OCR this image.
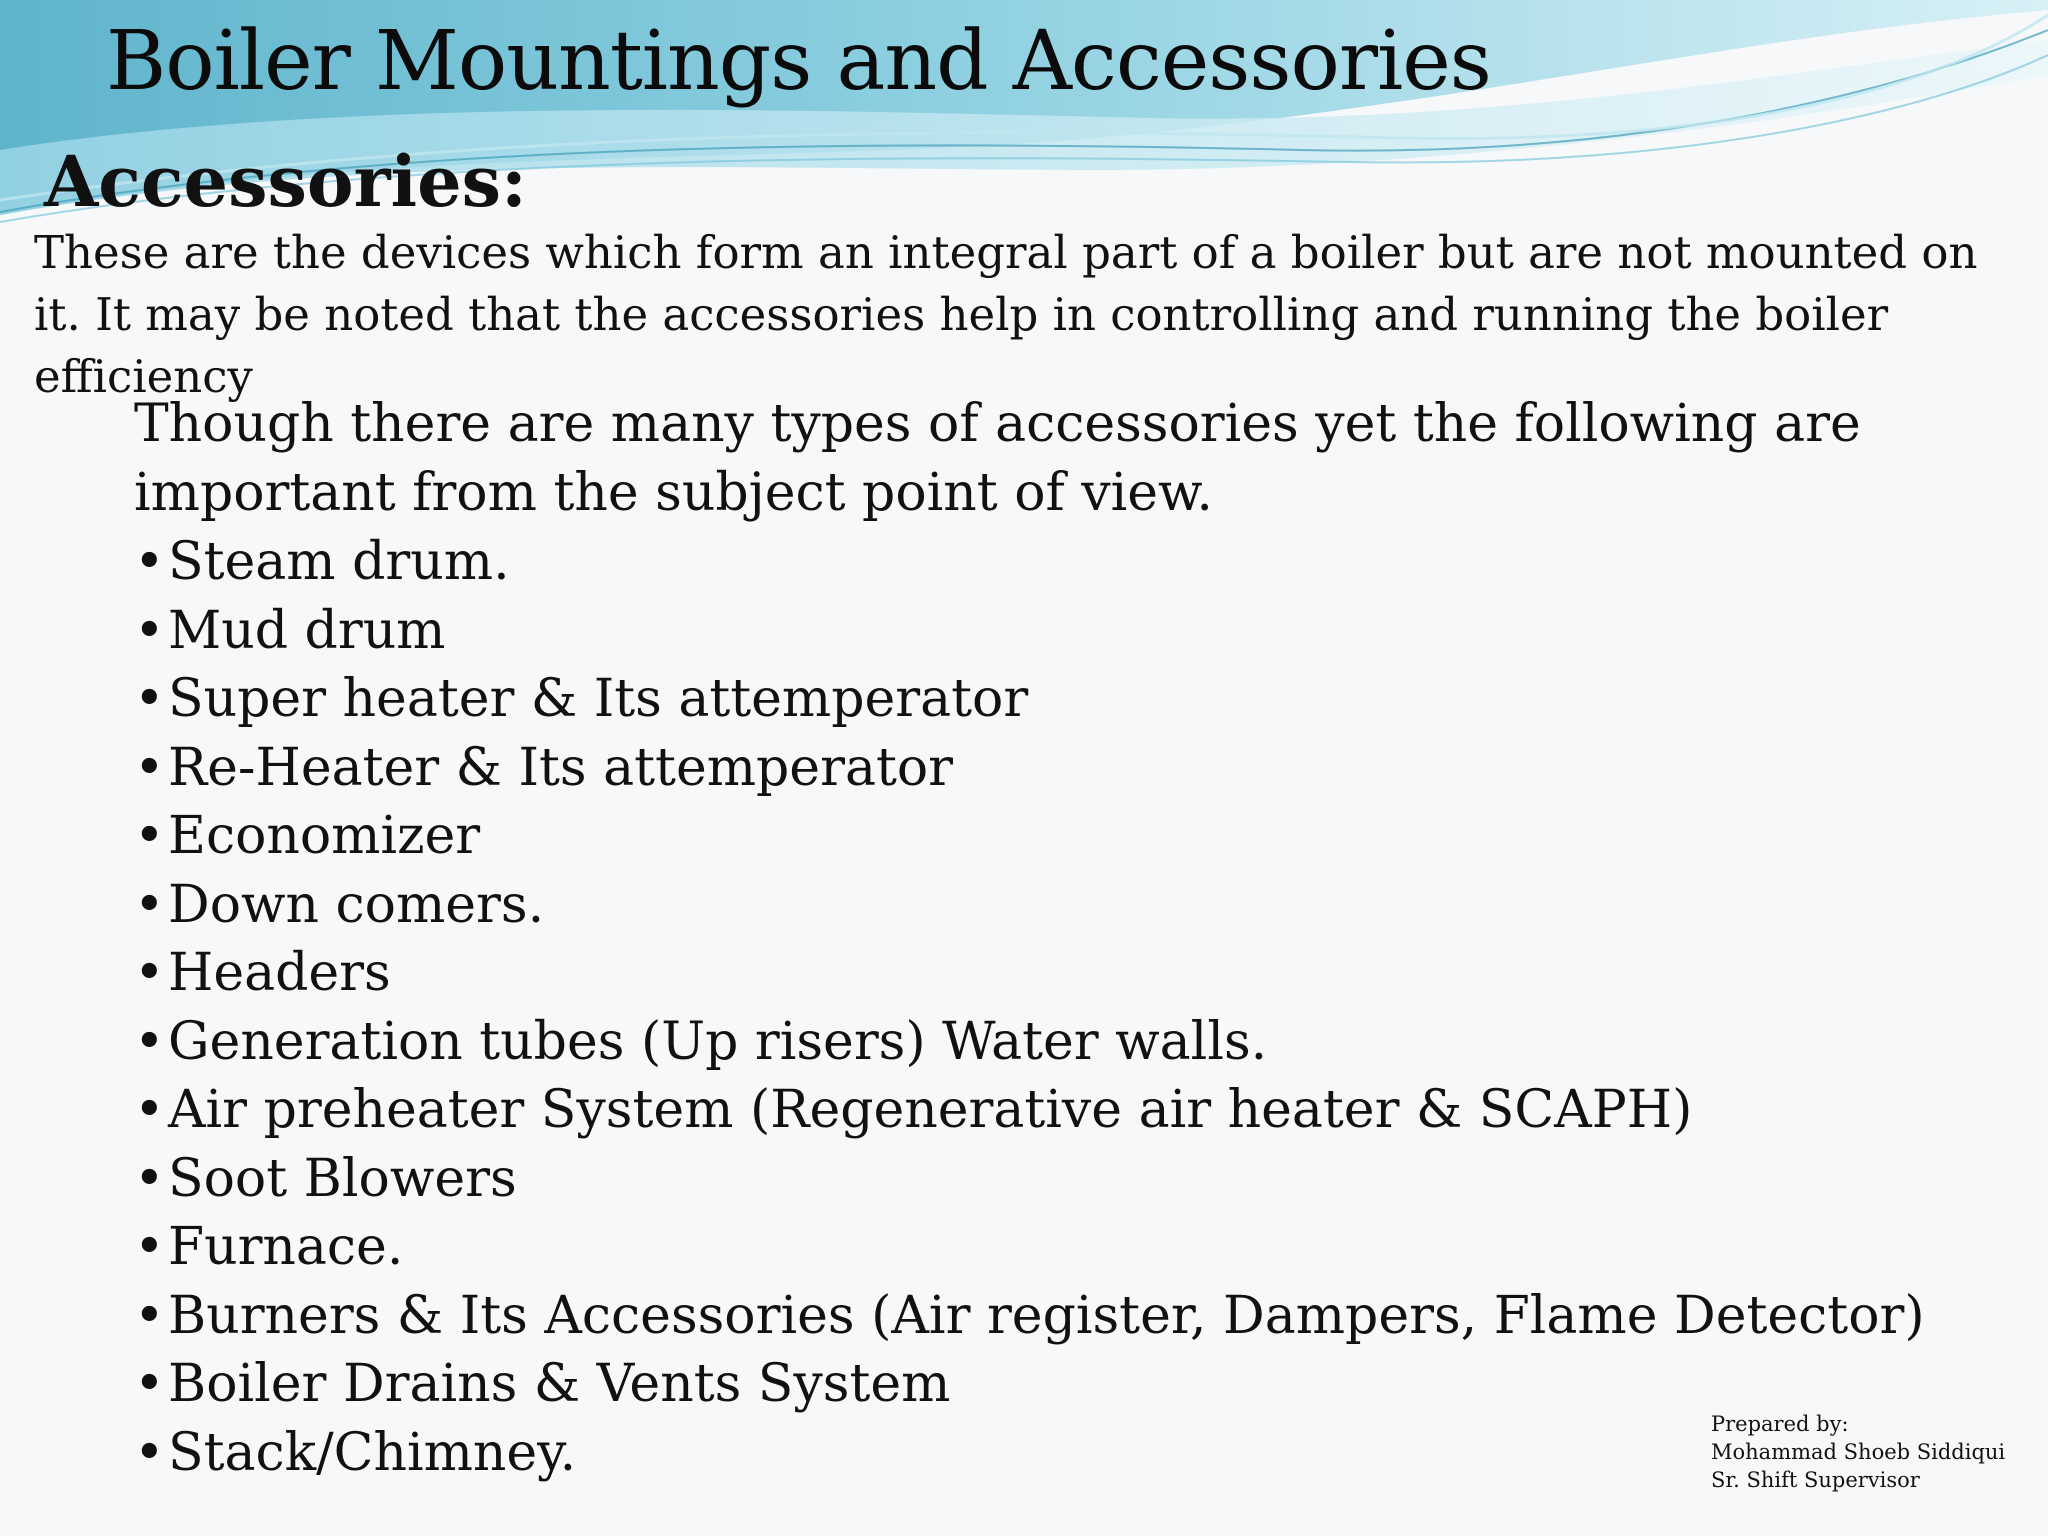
Boiler Mountings and Accessories
Accessories:

These are the devices which form an integral part of a boiler but are not mounted on it. It may be noted that the accessories help in controlling and running the boiler efficiency

Though there are many types of accessories yet the following are important from the subject point of view.

•Steam drum.
•Mud drum
•Super heater & Its attemperator
•Re-Heater & Its attemperator
•Economizer
•Down comers.
•Headers
•Generation tubes (Up risers) Water walls.
•Air preheater System (Regenerative air heater & SCAPH)
•Soot Blowers
•Furnace.
•Burners & Its Accessories (Air register, Dampers, Flame Detector)
•Boiler Drains & Vents System
•Stack/Chimney.	Prepared by:
Mohammad Shoeb Siddiqui
Sr. Shift Supervisor
